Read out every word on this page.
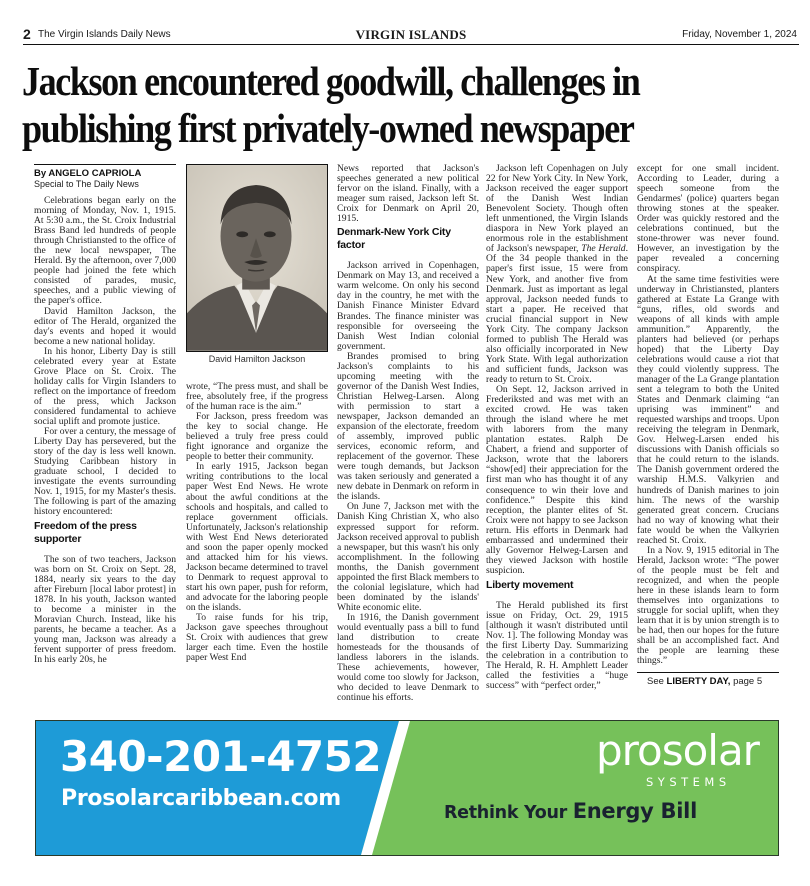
2 The Virgin Islands Daily News	VIRGIN ISLANDS	Friday, November 1, 2024
Jackson encountered goodwill, challenges in
publishing first privately-owned newspaper
By ANGELO CAPRIOLA
Special to The Daily News

Celebrations began early on the morning of Monday, Nov. 1, 1915. At 5:30 a.m., the St. Croix Industrial Brass Band led hundreds of people through Christiansted to the office of the new local newspaper, The Herald. By the afternoon, over 7,000 people had joined the fete which consisted of parades, music, speeches, and a public viewing of the paper's office.

David Hamilton Jackson, the editor of The Herald, organized the day's events and hoped it would become a new national holiday.

In his honor, Liberty Day is still celebrated every year at Estate Grove Place on St. Croix. The holiday calls for Virgin Islanders to reflect on the importance of freedom of the press, which Jackson considered fundamental to achieve social uplift and promote justice.

For over a century, the message of Liberty Day has persevered, but the story of the day is less well known. Studying Caribbean history in graduate school, I decided to investigate the events surrounding Nov. 1, 1915, for my Master's thesis. The following is part of the amazing history encountered:

Freedom of the press supporter

The son of two teachers, Jackson was born on St. Croix on Sept. 28, 1884, nearly six years to the day after Fireburn [local labor protest] in 1878. In his youth, Jackson wanted to become a minister in the Moravian Church. Instead, like his parents, he became a teacher. As a young man, Jackson was already a fervent supporter of press freedom. In his early 20s, he

David Hamilton Jackson

wrote, “The press must, and shall be free, absolutely free, if the progress of the human race is the aim.”

For Jackson, press freedom was the key to social change. He believed a truly free press could fight ignorance and organize the people to better their community.

In early 1915, Jackson began writing contributions to the local paper West End News. He wrote about the awful conditions at the schools and hospitals, and called to replace government officials. Unfortunately, Jackson's relationship with West End News deteriorated and soon the paper openly mocked and attacked him for his views. Jackson became determined to travel to Denmark to request approval to start his own paper, push for reform, and advocate for the laboring people on the islands.

To raise funds for his trip, Jackson gave speeches throughout St. Croix with audiences that grew larger each time. Even the hostile paper West End

News reported that Jackson's speeches generated a new political fervor on the island. Finally, with a meager sum raised, Jackson left St. Croix for Denmark on April 20, 1915.

Denmark-New York City factor

Jackson arrived in Copenhagen, Denmark on May 13, and received a warm welcome. On only his second day in the country, he met with the Danish Finance Minister Edvard Brandes. The finance minister was responsible for overseeing the Danish West Indian colonial government.

Brandes promised to bring Jackson's complaints to his upcoming meeting with the governor of the Danish West Indies, Christian Helweg-Larsen. Along with permission to start a newspaper, Jackson demanded an expansion of the electorate, freedom of assembly, improved public services, economic reform, and replacement of the governor. These were tough demands, but Jackson was taken seriously and generated a new debate in Denmark on reform in the islands.

On June 7, Jackson met with the Danish King Christian X, who also expressed support for reform. Jackson received approval to publish a newspaper, but this wasn't his only accomplishment. In the following months, the Danish government appointed the first Black members to the colonial legislature, which had been dominated by the islands' White economic elite.

In 1916, the Danish government would eventually pass a bill to fund land distribution to create homesteads for the thousands of landless laborers in the islands. These achievements, however, would come too slowly for Jackson, who decided to leave Denmark to continue his efforts.

Jackson left Copenhagen on July 22 for New York City. In New York, Jackson received the eager support of the Danish West Indian Benevolent Society. Though often left unmentioned, the Virgin Islands diaspora in New York played an enormous role in the establishment of Jackson's newspaper, The Herald. Of the 34 people thanked in the paper's first issue, 15 were from New York, and another five from Denmark. Just as important as legal approval, Jackson needed funds to start a paper. He received that crucial financial support in New York City. The company Jackson formed to publish The Herald was also officially incorporated in New York State. With legal authorization and sufficient funds, Jackson was ready to return to St. Croix.

On Sept. 12, Jackson arrived in Frederiksted and was met with an excited crowd. He was taken through the island where he met with laborers from the many plantation estates. Ralph De Chabert, a friend and supporter of Jackson, wrote that the laborers “show[ed] their appreciation for the first man who has thought it of any consequence to win their love and confidence.” Despite this kind reception, the planter elites of St. Croix were not happy to see Jackson return. His efforts in Denmark had embarrassed and undermined their ally Governor Helweg-Larsen and they viewed Jackson with hostile suspicion.

Liberty movement

The Herald published its first issue on Friday, Oct. 29, 1915 [although it wasn't distributed until Nov. 1]. The following Monday was the first Liberty Day. Summarizing the celebration in a contribution to The Herald, R. H. Amphlett Leader called the festivities a “huge success” with “perfect order,”

except for one small incident. According to Leader, during a speech someone from the Gendarmes' (police) quarters began throwing stones at the speaker. Order was quickly restored and the celebrations continued, but the stone-thrower was never found. However, an investigation by the paper revealed a concerning conspiracy.

At the same time festivities were underway in Christiansted, planters gathered at Estate La Grange with “guns, rifles, old swords and weapons of all kinds with ample ammunition.” Apparently, the planters had believed (or perhaps hoped) that the Liberty Day celebrations would cause a riot that they could violently suppress. The manager of the La Grange plantation sent a telegram to both the United States and Denmark claiming “an uprising was imminent” and requested warships and troops. Upon receiving the telegram in Denmark, Gov. Helweg-Larsen ended his discussions with Danish officials so that he could return to the islands. The Danish government ordered the warship H.M.S. Valkyrien and hundreds of Danish marines to join him. The news of the warship generated great concern. Crucians had no way of knowing what their fate would be when the Valkyrien reached St. Croix.

In a Nov. 9, 1915 editorial in The Herald, Jackson wrote: “The power of the people must be felt and recognized, and when the people here in these islands learn to form themselves into organizations to struggle for social uplift, when they learn that it is by union strength is to be had, then our hopes for the future shall be an accomplished fact. And the people are learning these things.”

See LIBERTY DAY, page 5

340-201-4752
Prosolarcaribbean.com
prosolar
SYSTEMS
Rethink Your Energy Bill
